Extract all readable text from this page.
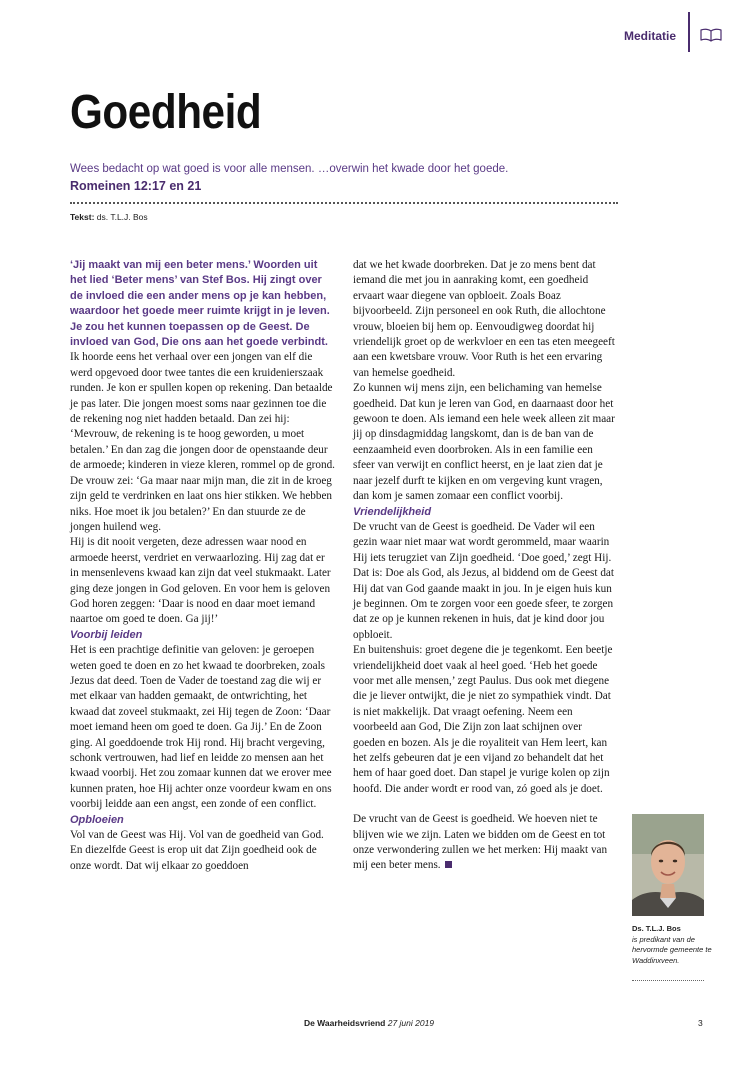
Meditatie
Goedheid
Wees bedacht op wat goed is voor alle mensen. …overwin het kwade door het goede.
Romeinen 12:17 en 21
Tekst: ds. T.L.J. Bos

‘Jij maakt van mij een beter mens.’ Woorden uit het lied ‘Beter mens’ van Stef Bos. Hij zingt over de invloed die een ander mens op je kan hebben, waardoor het goede meer ruimte krijgt in je leven. Je zou het kunnen toepassen op de Geest. De invloed van God, Die ons aan het goede verbindt.

Ik hoorde eens het verhaal over een jongen van elf die werd opgevoed door twee tantes die een kruidenierszaak runden. Je kon er spullen kopen op rekening. Dan betaalde je pas later. Die jongen moest soms naar gezinnen toe die de rekening nog niet hadden betaald. Dan zei hij: ‘Mevrouw, de rekening is te hoog geworden, u moet betalen.’ En dan zag die jongen door de openstaande deur de armoede; kinderen in vieze kleren, rommel op de grond. De vrouw zei: ‘Ga maar naar mijn man, die zit in de kroeg zijn geld te verdrinken en laat ons hier stikken. We hebben niks. Hoe moet ik jou betalen?’ En dan stuurde ze de jongen huilend weg.

Hij is dit nooit vergeten, deze adressen waar nood en armoede heerst, verdriet en verwaarlozing. Hij zag dat er in mensenlevens kwaad kan zijn dat veel stukmaakt. Later ging deze jongen in God geloven. En voor hem is geloven God horen zeggen: ‘Daar is nood en daar moet iemand naartoe om goed te doen. Ga jij!’

Voorbij leiden

Het is een prachtige definitie van geloven: je geroepen weten goed te doen en zo het kwaad te doorbreken, zoals Jezus dat deed. Toen de Vader de toestand zag die wij er met elkaar van hadden gemaakt, de ontwrichting, het kwaad dat zoveel stukmaakt, zei Hij tegen de Zoon: ‘Daar moet iemand heen om goed te doen. Ga Jij.’ En de Zoon ging. Al goeddoende trok Hij rond. Hij bracht vergeving, schonk vertrouwen, had lief en leidde zo mensen aan het kwaad voorbij. Het zou zomaar kunnen dat we erover mee kunnen praten, hoe Hij achter onze voordeur kwam en ons voorbij leidde aan een angst, een zonde of een conflict.

Opbloeien

Vol van de Geest was Hij. Vol van de goedheid van God. En diezelfde Geest is erop uit dat Zijn goedheid ook de onze wordt. Dat wij elkaar zo goeddoen

dat we het kwade doorbreken. Dat je zo mens bent dat iemand die met jou in aanraking komt, een goedheid ervaart waar diegene van opbloeit. Zoals Boaz bijvoorbeeld. Zijn personeel en ook Ruth, die allochtone vrouw, bloeien bij hem op. Eenvoudigweg doordat hij vriendelijk groet op de werkvloer en een tas eten meegeeft aan een kwetsbare vrouw. Voor Ruth is het een ervaring van hemelse goedheid.

Zo kunnen wij mens zijn, een belichaming van hemelse goedheid. Dat kun je leren van God, en daarnaast door het gewoon te doen. Als iemand een hele week alleen zit maar jij op dinsdagmiddag langskomt, dan is de ban van de eenzaamheid even doorbroken. Als in een familie een sfeer van verwijt en conflict heerst, en je laat zien dat je naar jezelf durft te kijken en om vergeving kunt vragen, dan kom je samen zomaar een conflict voorbij.

Vriendelijkheid

De vrucht van de Geest is goedheid. De Vader wil een gezin waar niet maar wat wordt gerommeld, maar waarin Hij iets terugziet van Zijn goedheid. ‘Doe goed,’ zegt Hij. Dat is: Doe als God, als Jezus, al biddend om de Geest dat Hij dat van God gaande maakt in jou. In je eigen huis kun je beginnen. Om te zorgen voor een goede sfeer, te zorgen dat ze op je kunnen rekenen in huis, dat je kind door jou opbloeit.

En buitenshuis: groet degene die je tegenkomt. Een beetje vriendelijkheid doet vaak al heel goed. ‘Heb het goede voor met alle mensen,’ zegt Paulus. Dus ook met diegene die je liever ontwijkt, die je niet zo sympathiek vindt. Dat is niet makkelijk. Dat vraagt oefening. Neem een voorbeeld aan God, Die Zijn zon laat schijnen over goeden en bozen. Als je die royaliteit van Hem leert, kan het zelfs gebeuren dat je een vijand zo behandelt dat het hem of haar goed doet. Dan stapel je vurige kolen op zijn hoofd. Die ander wordt er rood van, zó goed als je doet.

De vrucht van de Geest is goedheid. We hoeven niet te blijven wie we zijn. Laten we bidden om de Geest en tot onze verwondering zullen we het merken: Hij maakt van mij een beter mens.

Ds. T.L.J. Bos
is predikant van de hervormde gemeente te Waddinxveen.
De Waarheidsvriend 27 juni 2019	3
